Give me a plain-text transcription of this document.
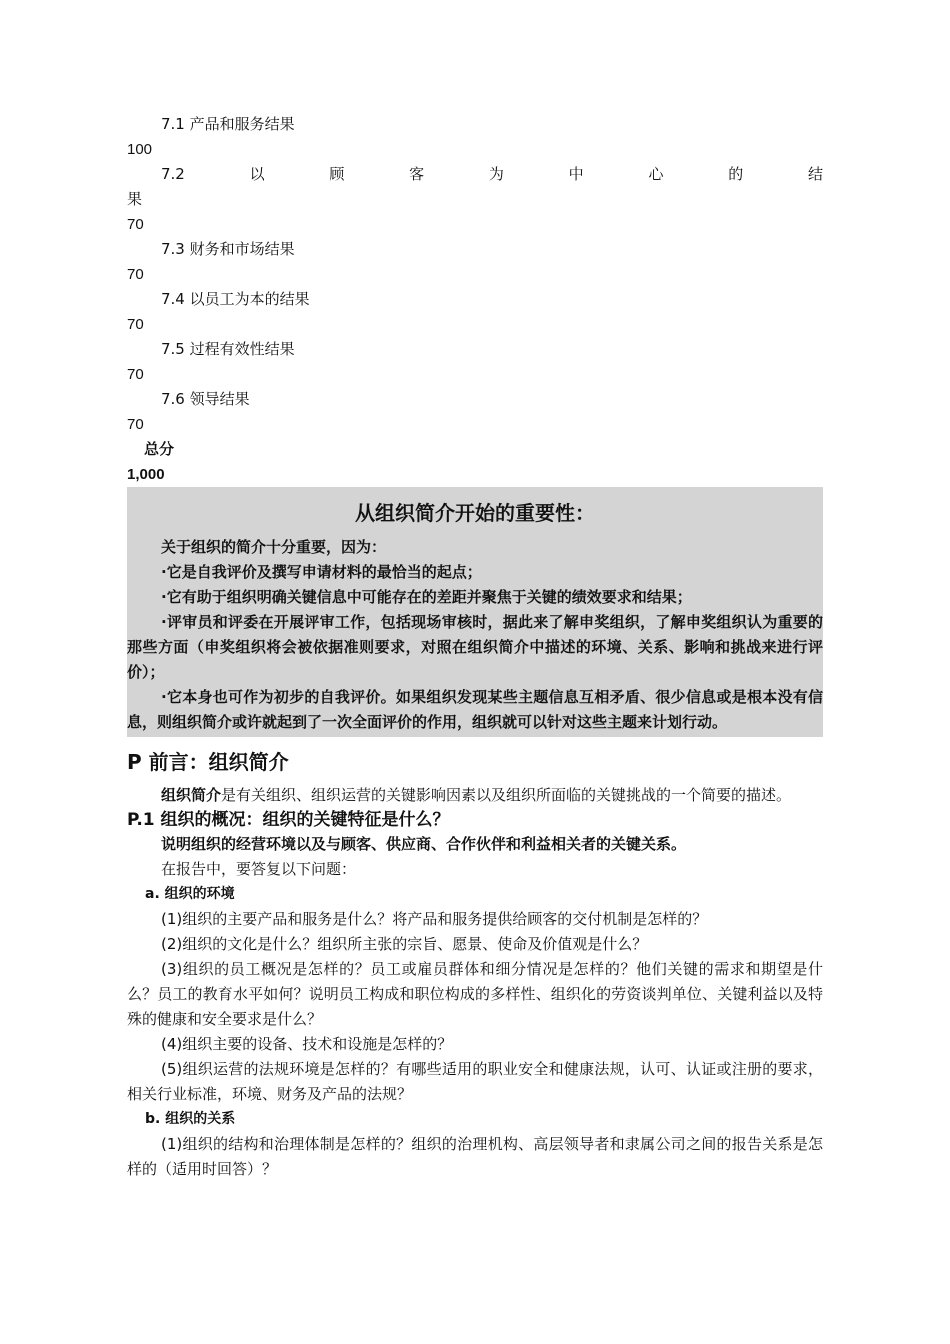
7.1 产品和服务结果
100
7.2	以	顾	客	为	中	心	的	结
果
70
7.3 财务和市场结果
70
7.4 以员工为本的结果
70
7.5 过程有效性结果
70
7.6 领导结果
70
总分
1,000
从组织简介开始的重要性：

关于组织的简介十分重要，因为：

·它是自我评价及撰写申请材料的最恰当的起点；

·它有助于组织明确关键信息中可能存在的差距并聚焦于关键的绩效要求和结果；

·评审员和评委在开展评审工作，包括现场审核时，据此来了解申奖组织，了解申奖组织认为重要的那些方面（申奖组织将会被依据准则要求，对照在组织简介中描述的环境、关系、影响和挑战来进行评价）；

·它本身也可作为初步的自我评价。如果组织发现某些主题信息互相矛盾、很少信息或是根本没有信息，则组织简介或许就起到了一次全面评价的作用，组织就可以针对这些主题来计划行动。

P 前言：组织简介

组织简介是有关组织、组织运营的关键影响因素以及组织所面临的关键挑战的一个简要的描述。

P.1 组织的概况：组织的关键特征是什么？

说明组织的经营环境以及与顾客、供应商、合作伙伴和利益相关者的关键关系。

在报告中，要答复以下问题：

a. 组织的环境

(1)组织的主要产品和服务是什么？将产品和服务提供给顾客的交付机制是怎样的？

(2)组织的文化是什么？组织所主张的宗旨、愿景、使命及价值观是什么？

(3)组织的员工概况是怎样的？员工或雇员群体和细分情况是怎样的？他们关键的需求和期望是什么？员工的教育水平如何？说明员工构成和职位构成的多样性、组织化的劳资谈判单位、关键利益以及特殊的健康和安全要求是什么？

(4)组织主要的设备、技术和设施是怎样的？

(5)组织运营的法规环境是怎样的？有哪些适用的职业安全和健康法规，认可、认证或注册的要求，相关行业标准，环境、财务及产品的法规？

b. 组织的关系

(1)组织的结构和治理体制是怎样的？组织的治理机构、高层领导者和隶属公司之间的报告关系是怎样的（适用时回答）？
